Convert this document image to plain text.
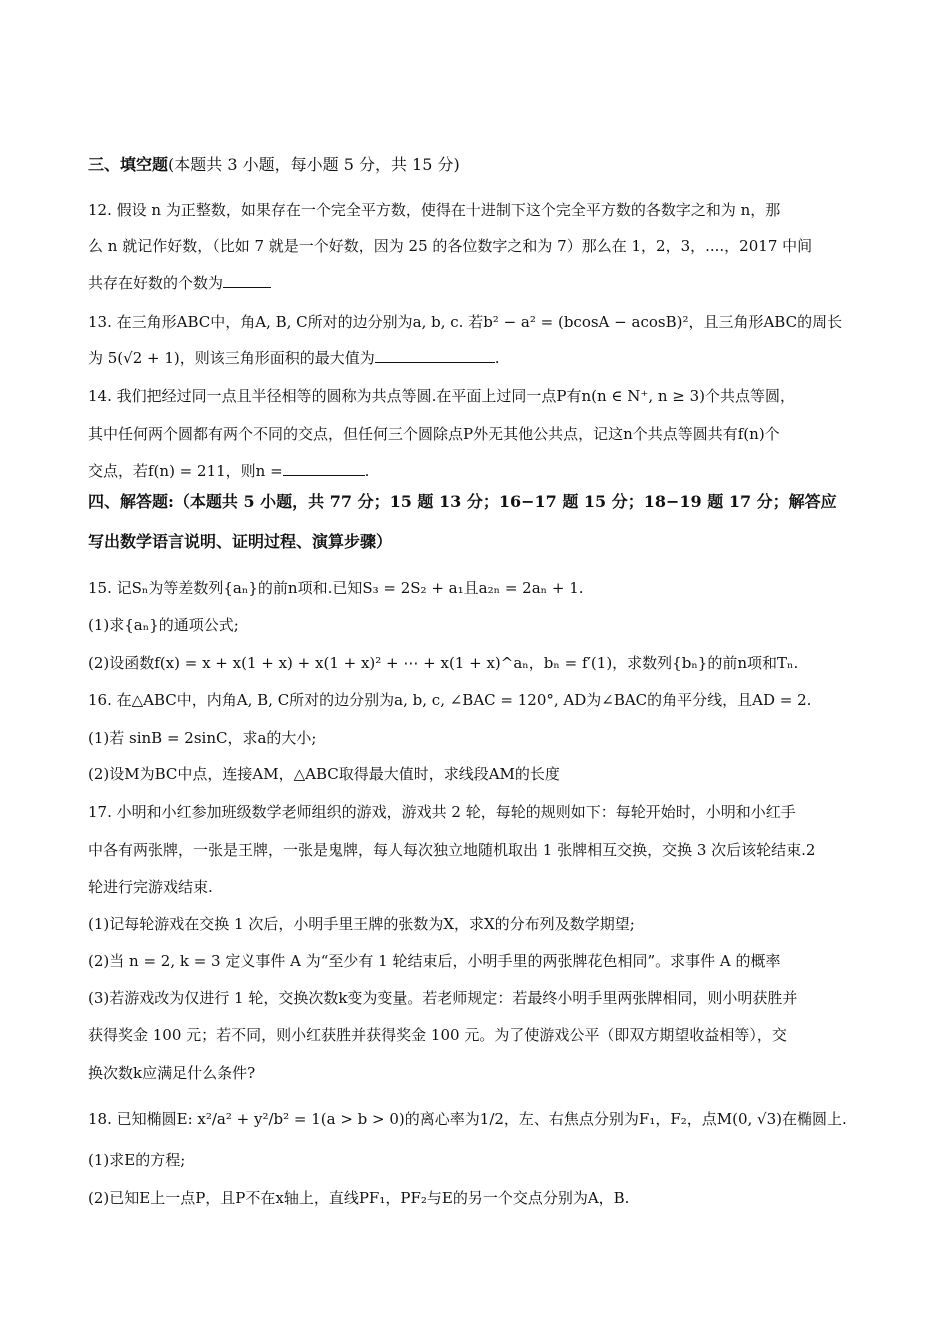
三、填空题(本题共 3 小题，每小题 5 分，共 15 分)
12. 假设 n 为正整数，如果存在一个完全平方数，使得在十进制下这个完全平方数的各数字之和为 n，那
么 n 就记作好数，（比如 7 就是一个好数，因为 25 的各位数字之和为 7）那么在 1，2，3，....，2017 中间
共存在好数的个数为
13. 在三角形ABC中，角A, B, C所对的边分别为a, b, c. 若b² − a² = (bcosA − acosB)²，且三角形ABC的周长
为 5(√2 + 1)，则该三角形面积的最大值为	.
14. 我们把经过同一点且半径相等的圆称为共点等圆.在平面上过同一点P有n(n ∈ N⁺, n ≥ 3)个共点等圆，
其中任何两个圆都有两个不同的交点，但任何三个圆除点P外无其他公共点，记这n个共点等圆共有f(n)个
交点，若f(n) = 211，则n =	.
四、解答题:（本题共 5 小题，共 77 分；15 题 13 分；16−17 题 15 分；18−19 题 17 分；解答应
写出数学语言说明、证明过程、演算步骤）
15. 记Sₙ为等差数列{aₙ}的前n项和.已知S₃ = 2S₂ + a₁且a₂ₙ = 2aₙ + 1.
(1)求{aₙ}的通项公式;
(2)设函数f(x) = x + x(1 + x) + x(1 + x)² + ⋯ + x(1 + x)^aₙ，bₙ = f′(1)，求数列{bₙ}的前n项和Tₙ.
16. 在△ABC中，内角A, B, C所对的边分别为a, b, c, ∠BAC = 120°, AD为∠BAC的角平分线，且AD = 2.
(1)若 sinB = 2sinC，求a的大小;
(2)设M为BC中点，连接AM，△ABC取得最大值时，求线段AM的长度
17. 小明和小红参加班级数学老师组织的游戏，游戏共 2 轮，每轮的规则如下：每轮开始时，小明和小红手
中各有两张牌，一张是王牌，一张是鬼牌，每人每次独立地随机取出 1 张牌相互交换，交换 3 次后该轮结束.2
轮进行完游戏结束.
(1)记每轮游戏在交换 1 次后，小明手里王牌的张数为X，求X的分布列及数学期望;
(2)当 n = 2, k = 3 定义事件 A 为“至少有 1 轮结束后，小明手里的两张牌花色相同”。求事件 A 的概率
(3)若游戏改为仅进行 1 轮，交换次数k变为变量。若老师规定：若最终小明手里两张牌相同，则小明获胜并
获得奖金 100 元；若不同，则小红获胜并获得奖金 100 元。为了使游戏公平（即双方期望收益相等），交
换次数k应满足什么条件?
18. 已知椭圆E: x²/a² + y²/b² = 1(a > b > 0)的离心率为1/2，左、右焦点分别为F₁，F₂，点M(0, √3)在椭圆上.
(1)求E的方程;
(2)已知E上一点P，且P不在x轴上，直线PF₁，PF₂与E的另一个交点分别为A，B.
